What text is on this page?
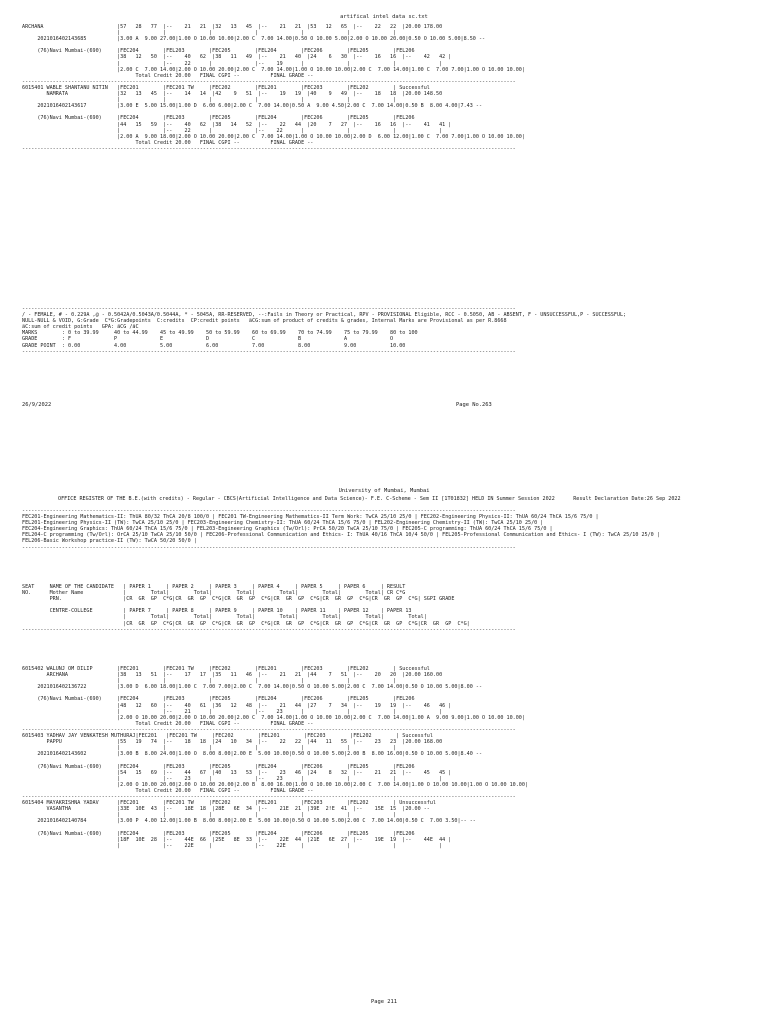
artifical intel data sc.txt
ARCHANA                        |57   28   77  |--    21   21  |32   13   45  |--    21   21  |53   12   65  |--    22   22  |20.00 178.00
|              |              |              |              |              |              |
2021016402143685          |3.00 A  9.00 27.00|1.00 O 10.00 10.00|2.00 C  7.00 14.00|0.50 O 10.00 5.00|2.00 O 10.00 20.00|0.50 O 10.00 5.00|8.50 --

(76)Navi Mumbai-(690)     |FEC204        |FEL203        |FEC205        |FEL204        |FEC206        |FEL205        |FEL206
|38   12   50  |--    40   62  |38   11   49  |--    21   40  |24    6   30  |--    16   16  |--    42   42 |
|              |--    22      |              |--    19      |              |              |              |
|2.00 C  7.00 14.00|2.00 O 10.00 20.00|2.00 C  7.00 14.00|1.00 O 10.00 10.00|2.00 C  7.00 14.00|1.00 C  7.00 7.00|1.00 O 10.00 10.00|
Total Credit 20.00   FINAL CGPI --          FINAL GRADE --
-----------------------------------------------------------------------------------------------------------------------------------------------------------------
6015401 WABLE SHANTANU NITIN   |FEC201        |FEC201 TW     |FEC202        |FEL201        |FEC203        |FEL202        | Successful
NAMRATA                |32   13   45  |--    14   14  |42    9   51  |--    19   19  |40    9   49  |--    18   18  |20.00 148.50
|              |              |              |              |              |              |
2021016402143617          |3.00 E  5.00 15.00|1.00 D  6.00 6.00|2.00 C  7.00 14.00|0.50 A  9.00 4.50|2.00 C  7.00 14.00|0.50 B  8.00 4.00|7.43 --

(76)Navi Mumbai-(690)     |FEC204        |FEL203        |FEC205        |FEL204        |FEC206        |FEL205        |FEL206
|44   15   59  |--    40   62  |38   14   52  |--    22   44  |20    7   27  |--    16   16  |--    41   41 |
|              |--    22      |              |--    22      |              |              |              |
|2.00 A  9.00 18.00|2.00 O 10.00 20.00|2.00 C  7.00 14.00|1.00 O 10.00 10.00|2.00 D  6.00 12.00|1.00 C  7.00 7.00|1.00 O 10.00 10.00|
Total Credit 20.00   FINAL CGPI --          FINAL GRADE --
-----------------------------------------------------------------------------------------------------------------------------------------------------------------
-----------------------------------------------------------------------------------------------------------------------------------------------------------------
/ - FEMALE, # - 0.229A ,@ - 0.5042A/0.5043A/0.5044A, * - 5045A, RR-RESERVED, --:Fails in Theory or Practical, RPV - PROVISIONAL Eligible, RCC - 0.5050, AB - ABSENT, F - UNSUCCESSFUL,P - SUCCESSFUL;
NULL-NULL & VOID, G:Grade  C*G:Gradepoints  C:credits  CP:credit points   äCG:sum of product of credits & grades, Internal Marks are Provisional as per R.8668
äC:sum of credit points   GPA: äCG /äC
MARKS        : 0 to 39.99     40 to 44.99    45 to 49.99    50 to 59.99    60 to 69.99    70 to 74.99    75 to 79.99    80 to 100
GRADE        : F              P              E              D              C              B              A              O
GRADE POINT  : 0.00           4.00           5.00           6.00           7.00           8.00           9.00           10.00
-----------------------------------------------------------------------------------------------------------------------------------------------------------------
26/9/2022	Page No.263
University of Mumbai, Mumbai
OFFICE REGISTER OF THE B.E.(with credits) - Regular - CBCS(Artificial Intelligence and Data Science)- F.E. C-Scheme - Sem II [1T01832] HELD IN Summer Session 2022      Result Declaration Date:26 Sep 2022
-----------------------------------------------------------------------------------------------------------------------------------------------------------------
FEC201-Engineering Mathematics-II: ThUA 80/32 ThCA 20/8 100/0 | FEC201 TW-Engineering Mathematics-II Term Work: TwCA 25/10 25/0 | FEC202-Engineering Physics-II: ThUA 60/24 ThCA 15/6 75/0 |
FEL201-Engineering Physics-II (TW): TwCA 25/10 25/0 | FEC203-Engineering Chemistry-II: ThUA 60/24 ThCA 15/6 75/0 | FEL202-Engineering Chemistry-II (TW): TwCA 25/10 25/0 |
FEC204-Engineering Graphics: ThUA 60/24 ThCA 15/6 75/0 | FEL203-Engineering Graphics (Tw/Orl): PrCA 50/20 TwCA 25/10 75/0 | FEC205-C programming: ThUA 60/24 ThCA 15/6 75/0 |
FEL204-C programming (Tw/Orl): OrCA 25/10 TwCA 25/10 50/0 | FEC206-Professional Communication and Ethics- I: ThUA 40/16 ThCA 10/4 50/0 | FEL205-Professional Communication and Ethics- I (TW): TwCA 25/10 25/0 |
FEL206-Basic Workshop practice-II (TW): TwCA 50/20 50/0 |
-----------------------------------------------------------------------------------------------------------------------------------------------------------------
SEAT     NAME OF THE CANDIDATE   | PAPER 1     | PAPER 2     | PAPER 3     | PAPER 4     | PAPER 5     | PAPER 6     | RESULT
NO.      Mother Name             |        Total|        Total|        Total|        Total|        Total|        Total| CR C*G
PRN.                    |CR  GR  GP  C*G|CR  GR  GP  C*G|CR  GR  GP  C*G|CR  GR  GP  C*G|CR  GR  GP  C*G|CR  GR  GP  C*G| SGPI GRADE

CENTRE-COLLEGE          | PAPER 7     | PAPER 8     | PAPER 9     | PAPER 10    | PAPER 11    | PAPER 12    | PAPER 13
|        Total|        Total|        Total|        Total|        Total|        Total|        Total|
|CR  GR  GP  C*G|CR  GR  GP  C*G|CR  GR  GP  C*G|CR  GR  GP  C*G|CR  GR  GP  C*G|CR  GR  GP  C*G|CR  GR  GP  C*G|
-----------------------------------------------------------------------------------------------------------------------------------------------------------------
6015402 WALUNJ OM DILIP        |FEC201        |FEC201 TW     |FEC202        |FEL201        |FEC203        |FEL202        | Successful
ARCHANA                |38   13   51  |--    17   17  |35   11   46  |--    21   21  |44    7   51  |--    20   20  |20.00 160.00
|              |              |              |              |              |              |
2021016402136722          |3.00 D  6.00 18.00|1.00 C  7.00 7.00|2.00 C  7.00 14.00|0.50 O 10.00 5.00|2.00 C  7.00 14.00|0.50 O 10.00 5.00|8.00 --

(76)Navi Mumbai-(690)     |FEC204        |FEL203        |FEC205        |FEL204        |FEC206        |FEL205        |FEL206
|48   12   60  |--    40   61  |36   12   48  |--    21   44  |27    7   34  |--    19   19  |--    46   46 |
|              |--    21      |              |--    23      |              |              |              |
|2.00 O 10.00 20.00|2.00 O 10.00 20.00|2.00 C  7.00 14.00|1.00 O 10.00 10.00|2.00 C  7.00 14.00|1.00 A  9.00 9.00|1.00 O 10.00 10.00|
Total Credit 20.00   FINAL CGPI --          FINAL GRADE --
-----------------------------------------------------------------------------------------------------------------------------------------------------------------
6015403 YADHAV JAY VENKATESH MUTHURAJ|FEC201   |FEC201 TW     |FEC202        |FEL201        |FEC203        |FEL202        | Successful
PAPPU                  |55   19   74  |--    18   18  |24   10   34  |--    22   22  |44   11   55  |--    23   23  |20.00 168.00
|              |              |              |              |              |              |
2021016402143602          |3.00 B  8.00 24.00|1.00 O  8.00 8.00|2.00 E  5.00 10.00|0.50 O 10.00 5.00|2.00 B  8.00 16.00|0.50 O 10.00 5.00|8.40 --

(76)Navi Mumbai-(690)     |FEC204        |FEL203        |FEC205        |FEL204        |FEC206        |FEL205        |FEL206
|54   15   69  |--    44   67  |40   13   53  |--    23   46  |24    8   32  |--    21   21  |--    45   45 |
|              |--    23      |              |--    23      |              |              |              |
|2.00 O 10.00 20.00|2.00 O 10.00 20.00|2.00 B  8.00 16.00|1.00 O 10.00 10.00|2.00 C  7.00 14.00|1.00 O 10.00 10.00|1.00 O 10.00 10.00|
Total Credit 20.00   FINAL CGPI --          FINAL GRADE --
-----------------------------------------------------------------------------------------------------------------------------------------------------------------
6015404 MAYAKRISHNA YADAV      |FEC201        |FEC201 TW     |FEC202        |FEL201        |FEC203        |FEL202        | Unsuccessful
VASANTHA               |33E  10E  43  |--    18E  18  |28E   6E  34  |--    21E  21  |39E  2!E  41  |--    15E  15  |20.00 --
|              |              |              |              |              |              |
2021016402140784          |3.00 P  4.00 12.00|1.00 B  8.00 8.00|2.00 E  5.00 10.00|0.50 O 10.00 5.00|2.00 C  7.00 14.00|0.50 C  7.00 3.50|-- --

(76)Navi Mumbai-(690)     |FEC204        |FEL203        |FEC205        |FEL204        |FEC206        |FEL205        |FEL206
|18F  10E  28  |--    44E  66  |25E   8E  33  |--    22E  44  |21E   6E  27  |--    19E  19  |--    44E  44 |
|              |--    22E     |              |--    22E     |              |              |              |
Page 211
